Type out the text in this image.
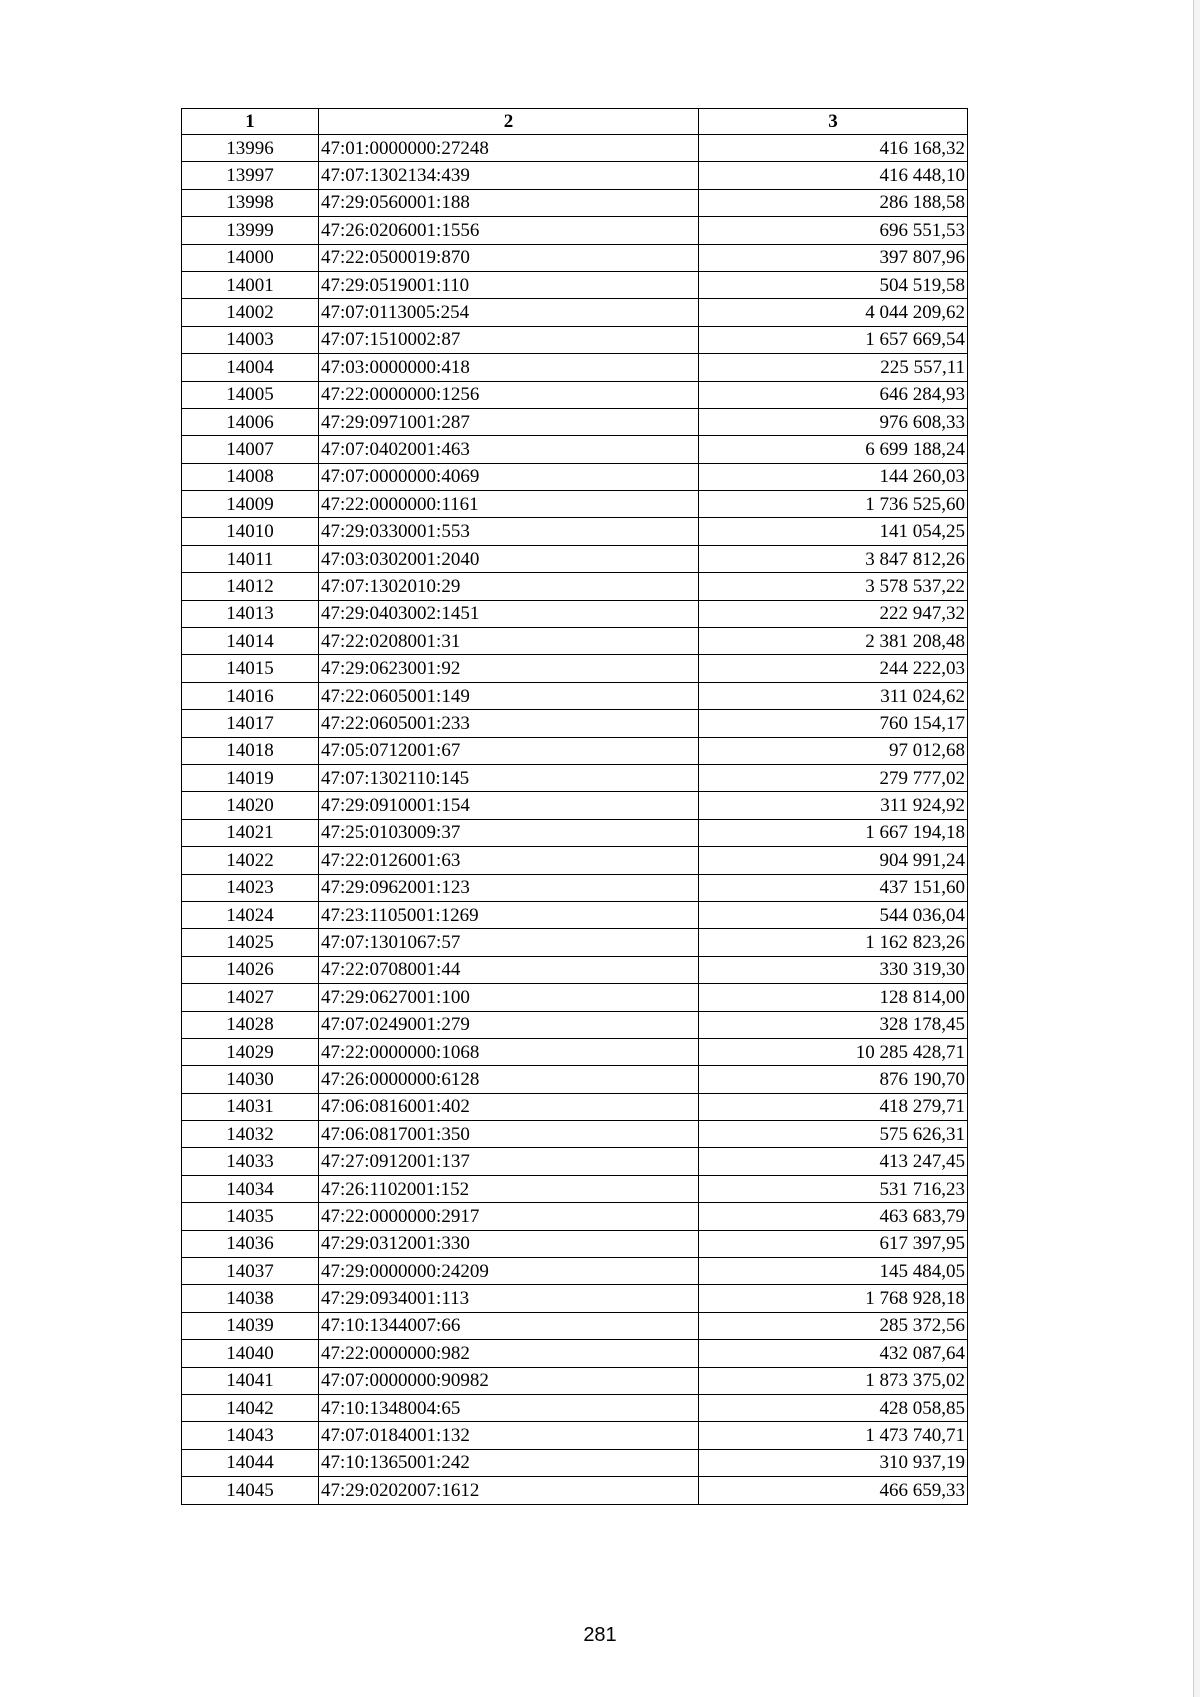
1	2	3
13996	47:01:0000000:27248	416 168,32
13997	47:07:1302134:439	416 448,10
13998	47:29:0560001:188	286 188,58
13999	47:26:0206001:1556	696 551,53
14000	47:22:0500019:870	397 807,96
14001	47:29:0519001:110	504 519,58
14002	47:07:0113005:254	4 044 209,62
14003	47:07:1510002:87	1 657 669,54
14004	47:03:0000000:418	225 557,11
14005	47:22:0000000:1256	646 284,93
14006	47:29:0971001:287	976 608,33
14007	47:07:0402001:463	6 699 188,24
14008	47:07:0000000:4069	144 260,03
14009	47:22:0000000:1161	1 736 525,60
14010	47:29:0330001:553	141 054,25
14011	47:03:0302001:2040	3 847 812,26
14012	47:07:1302010:29	3 578 537,22
14013	47:29:0403002:1451	222 947,32
14014	47:22:0208001:31	2 381 208,48
14015	47:29:0623001:92	244 222,03
14016	47:22:0605001:149	311 024,62
14017	47:22:0605001:233	760 154,17
14018	47:05:0712001:67	97 012,68
14019	47:07:1302110:145	279 777,02
14020	47:29:0910001:154	311 924,92
14021	47:25:0103009:37	1 667 194,18
14022	47:22:0126001:63	904 991,24
14023	47:29:0962001:123	437 151,60
14024	47:23:1105001:1269	544 036,04
14025	47:07:1301067:57	1 162 823,26
14026	47:22:0708001:44	330 319,30
14027	47:29:0627001:100	128 814,00
14028	47:07:0249001:279	328 178,45
14029	47:22:0000000:1068	10 285 428,71
14030	47:26:0000000:6128	876 190,70
14031	47:06:0816001:402	418 279,71
14032	47:06:0817001:350	575 626,31
14033	47:27:0912001:137	413 247,45
14034	47:26:1102001:152	531 716,23
14035	47:22:0000000:2917	463 683,79
14036	47:29:0312001:330	617 397,95
14037	47:29:0000000:24209	145 484,05
14038	47:29:0934001:113	1 768 928,18
14039	47:10:1344007:66	285 372,56
14040	47:22:0000000:982	432 087,64
14041	47:07:0000000:90982	1 873 375,02
14042	47:10:1348004:65	428 058,85
14043	47:07:0184001:132	1 473 740,71
14044	47:10:1365001:242	310 937,19
14045	47:29:0202007:1612	466 659,33
281
